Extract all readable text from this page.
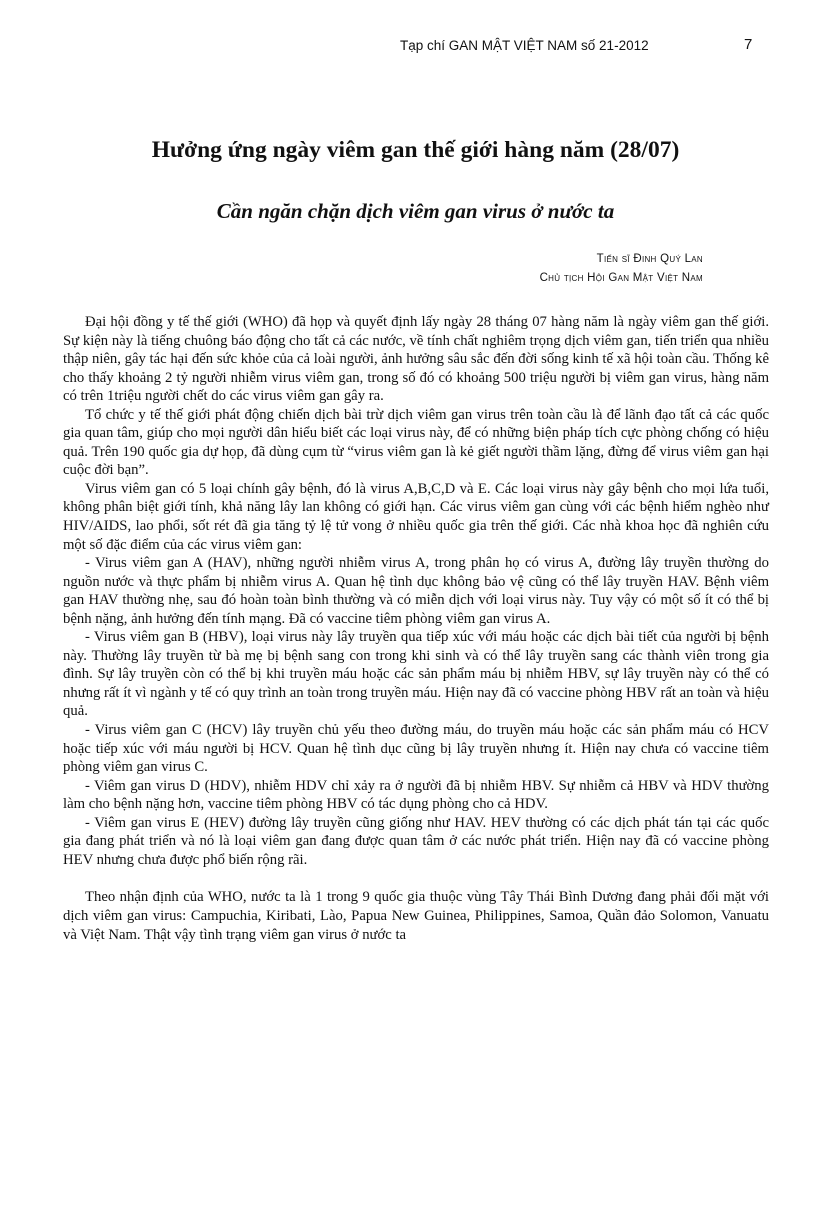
Tạp chí GAN MẬT VIỆT NAM số 21-2012	7
Hưởng ứng ngày viêm gan thế giới hàng năm (28/07)
Cần ngăn chặn dịch viêm gan virus ở nước ta
Tiến sĩ Đinh Quý Lan
Chủ tịch Hội Gan Mật Việt Nam

Đại hội đồng y tế thế giới (WHO) đã họp và quyết định lấy ngày 28 tháng 07 hàng năm là ngày viêm gan thế giới. Sự kiện này là tiếng chuông báo động cho tất cả các nước, về tính chất nghiêm trọng dịch viêm gan, tiến triển qua nhiều thập niên, gây tác hại đến sức khỏe của cả loài người, ảnh hưởng sâu sắc đến đời sống kinh tế xã hội toàn cầu. Thống kê cho thấy khoảng 2 tỷ người nhiễm virus viêm gan, trong số đó có khoảng 500 triệu người bị viêm gan virus, hàng năm có trên 1triệu người chết do các virus viêm gan gây ra.

Tổ chức y tế thế giới phát động chiến dịch bài trừ dịch viêm gan virus trên toàn cầu là để lãnh đạo tất cả các quốc gia quan tâm, giúp cho mọi người dân hiểu biết các loại virus này, để có những biện pháp tích cực phòng chống có hiệu quả. Trên 190 quốc gia dự họp, đã dùng cụm từ “virus viêm gan là kẻ giết người thầm lặng, đừng để virus viêm gan hại cuộc đời bạn”.

Virus viêm gan có 5 loại chính gây bệnh, đó là virus A,B,C,D và E. Các loại virus này gây bệnh cho mọi lứa tuổi, không phân biệt giới tính, khả năng lây lan không có giới hạn. Các virus viêm gan cùng với các bệnh hiểm nghèo như HIV/AIDS, lao phổi, sốt rét đã gia tăng tỷ lệ tử vong ở nhiều quốc gia trên thế giới. Các nhà khoa học đã nghiên cứu một số đặc điểm của các virus viêm gan:

- Virus viêm gan A (HAV), những người nhiễm virus A, trong phân họ có virus A, đường lây truyền thường do nguồn nước và thực phẩm bị nhiễm virus A. Quan hệ tình dục không bảo vệ cũng có thể lây truyền HAV. Bệnh viêm gan HAV thường nhẹ, sau đó hoàn toàn bình thường và có miễn dịch với loại virus này. Tuy vậy có một số ít có thể bị bệnh nặng, ảnh hưởng đến tính mạng. Đã có vaccine tiêm phòng viêm gan virus A.

- Virus viêm gan B (HBV), loại virus này lây truyền qua tiếp xúc với máu hoặc các dịch bài tiết của người bị bệnh này. Thường lây truyền từ bà mẹ bị bệnh sang con trong khi sinh và có thể lây truyền sang các thành viên trong gia đình. Sự lây truyền còn có thể bị khi truyền máu hoặc các sản phẩm máu bị nhiễm HBV, sự lây truyền này có thể có nhưng rất ít vì ngành y tế có quy trình an toàn trong truyền máu. Hiện nay đã có vaccine phòng HBV rất an toàn và hiệu quả.

- Virus viêm gan C (HCV) lây truyền chủ yếu theo đường máu, do truyền máu hoặc các sản phẩm máu có HCV hoặc tiếp xúc với máu người bị HCV. Quan hệ tình dục cũng bị lây truyền nhưng ít. Hiện nay chưa có vaccine tiêm phòng viêm gan virus C.

- Viêm gan virus D (HDV), nhiễm HDV chỉ xảy ra ở người đã bị nhiễm HBV. Sự nhiễm cả HBV và HDV thường làm cho bệnh nặng hơn, vaccine tiêm phòng HBV có tác dụng phòng cho cả HDV.

- Viêm gan virus E (HEV) đường lây truyền cũng giống như HAV. HEV thường có các dịch phát tán tại các quốc gia đang phát triển và nó là loại viêm gan đang được quan tâm ở các nước phát triển. Hiện nay đã có vaccine phòng HEV nhưng chưa được phổ biến rộng rãi.

Theo nhận định của WHO, nước ta là 1 trong 9 quốc gia thuộc vùng Tây Thái Bình Dương đang phải đối mặt với dịch viêm gan virus: Campuchia, Kiribati, Lào, Papua New Guinea, Philippines, Samoa, Quần đảo Solomon, Vanuatu và Việt Nam. Thật vậy tình trạng viêm gan virus ở nước ta
